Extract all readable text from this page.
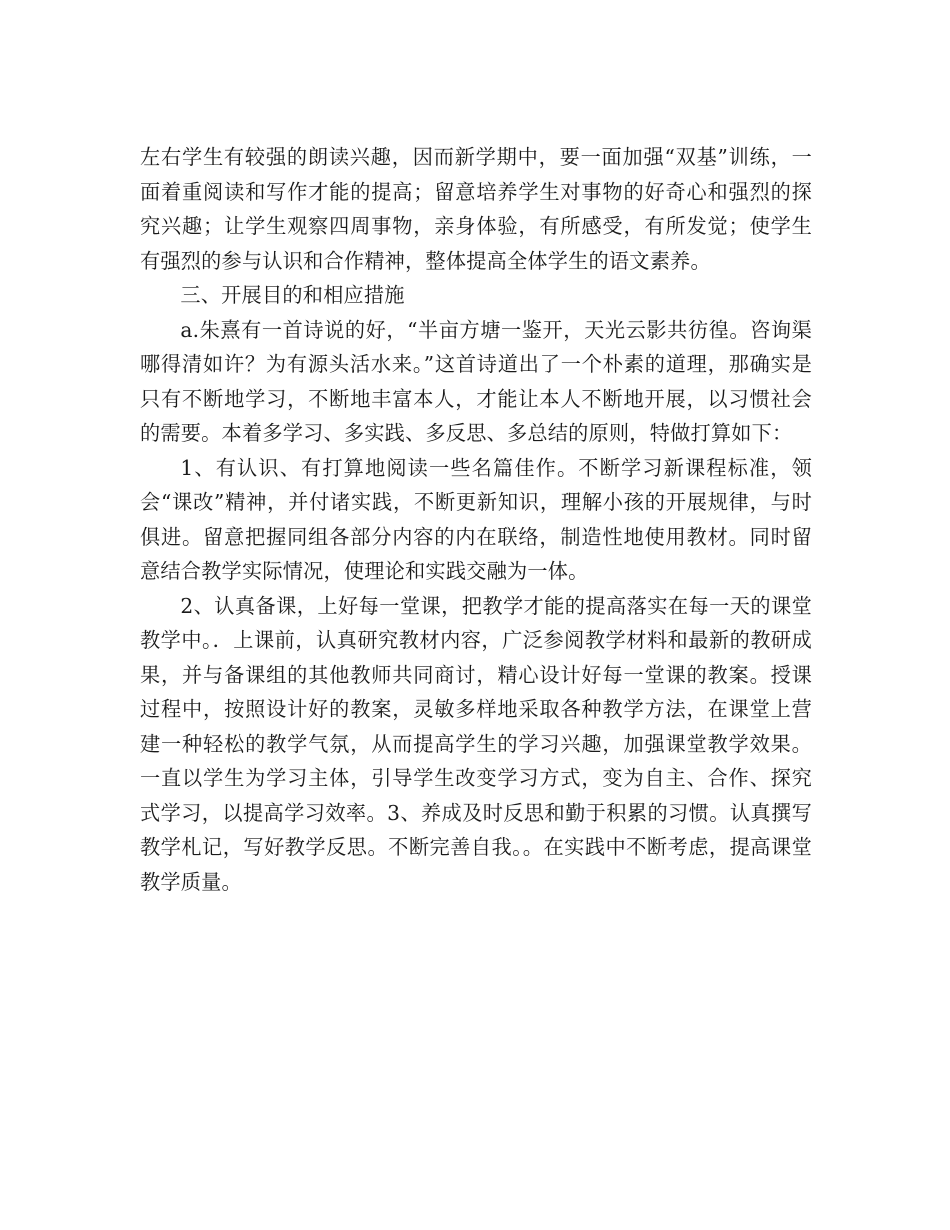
左右学生有较强的朗读兴趣，因而新学期中，要一面加强“双基”训练，一面着重阅读和写作才能的提高；留意培养学生对事物的好奇心和强烈的探究兴趣；让学生观察四周事物，亲身体验，有所感受，有所发觉；使学生有强烈的参与认识和合作精神，整体提高全体学生的语文素养。

三、开展目的和相应措施

a.朱熹有一首诗说的好，“半亩方塘一鉴开，天光云影共彷徨。咨询渠哪得清如许？为有源头活水来。”这首诗道出了一个朴素的道理，那确实是只有不断地学习，不断地丰富本人，才能让本人不断地开展，以习惯社会的需要。本着多学习、多实践、多反思、多总结的原则，特做打算如下：

1、有认识、有打算地阅读一些名篇佳作。不断学习新课程标准，领会“课改”精神，并付诸实践，不断更新知识，理解小孩的开展规律，与时俱进。留意把握同组各部分内容的内在联络，制造性地使用教材。同时留意结合教学实际情况，使理论和实践交融为一体。

2、认真备课，上好每一堂课，把教学才能的提高落实在每一天的课堂教学中。．上课前，认真研究教材内容，广泛参阅教学材料和最新的教研成果，并与备课组的其他教师共同商讨，精心设计好每一堂课的教案。授课过程中，按照设计好的教案，灵敏多样地采取各种教学方法，在课堂上营建一种轻松的教学气氛，从而提高学生的学习兴趣，加强课堂教学效果。一直以学生为学习主体，引导学生改变学习方式，变为自主、合作、探究式学习，以提高学习效率。3、养成及时反思和勤于积累的习惯。认真撰写教学札记，写好教学反思。不断完善自我。。在实践中不断考虑，提高课堂教学质量。
